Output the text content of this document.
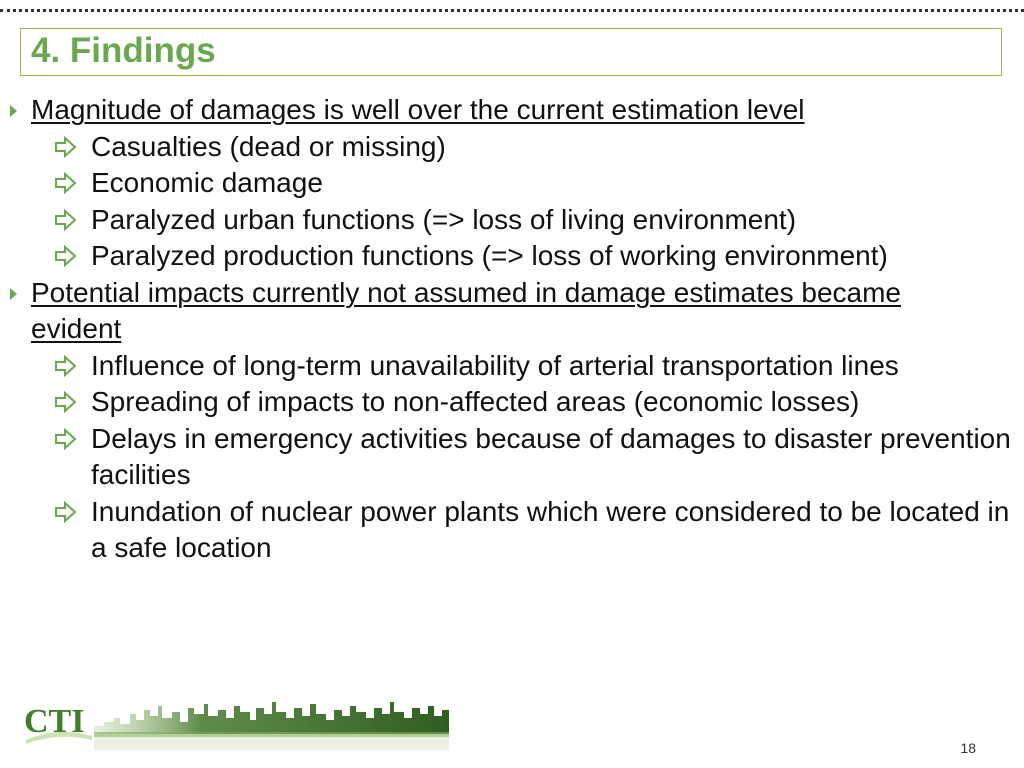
4. Findings
Magnitude of damages is well over the current estimation level
Casualties (dead or missing)
Economic damage
Paralyzed urban functions (=> loss of living environment)
Paralyzed production functions (=> loss of working environment)
Potential impacts currently not assumed in damage estimates became evident
Influence of long-term unavailability of arterial transportation lines
Spreading of impacts to non-affected areas (economic losses)
Delays in emergency activities because of damages to disaster prevention facilities
Inundation of nuclear power plants which were considered to be located in a safe location
CTI
18
